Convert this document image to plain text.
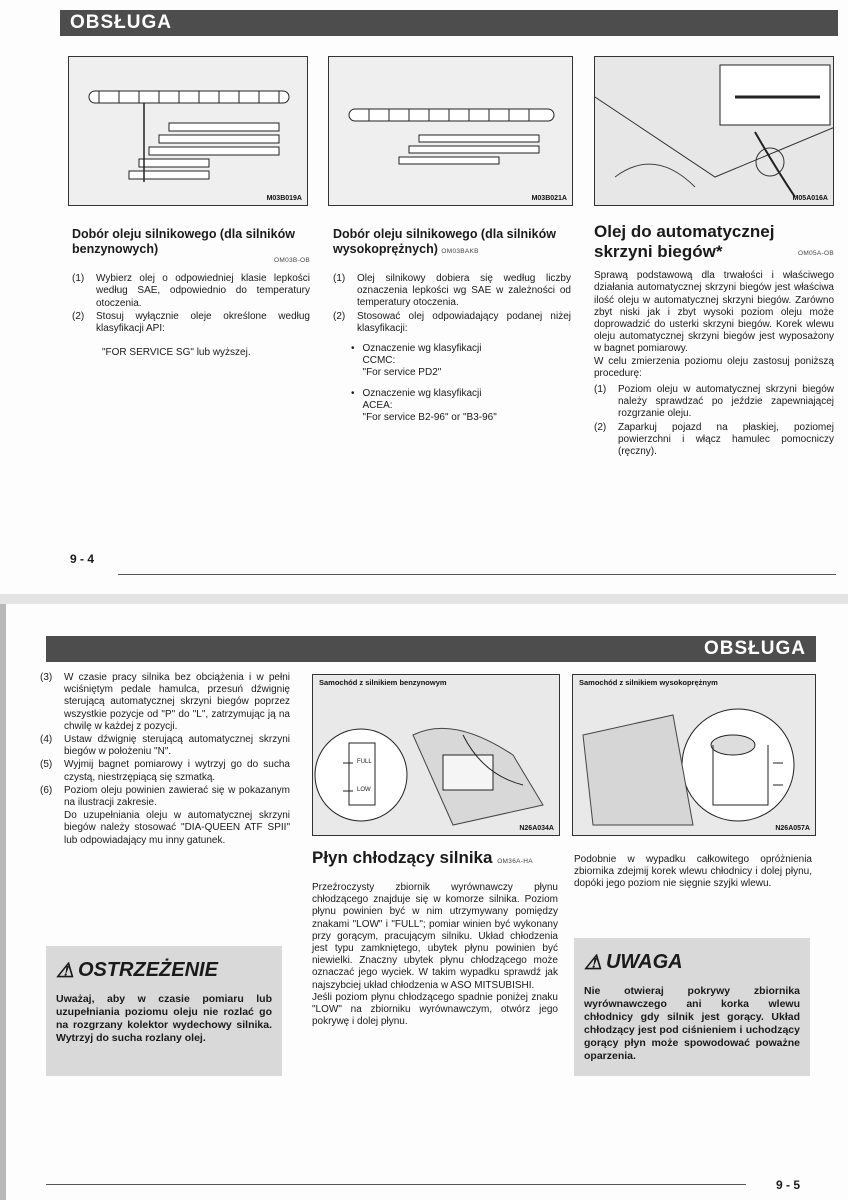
OBSŁUGA
M03B019A	M03B021A	M05A016A
Dobór oleju silnikowego (dla silników benzynowych)
OM03B-OB
(1)	Wybierz olej o odpowiedniej klasie lepkości według SAE, odpowiednio do temperatury otoczenia.
(2)	Stosuj wyłącznie oleje określone według klasyfikacji API:
"FOR SERVICE SG" lub wyższej.
Dobór oleju silnikowego (dla silników wysokoprężnych) OM03BAKB
(1)	Olej silnikowy dobiera się według liczby oznaczenia lepkości wg SAE w zależności od temperatury otoczenia.
(2)	Stosować olej odpowiadający podanej niżej klasyfikacji:
• Oznaczenie wg klasyfikacji
CCMC:
"For service PD2"
• Oznaczenie wg klasyfikacji
ACEA:
"For service B2-96" or "B3-96"
Olej do automatycznej skrzyni biegów*	OM05A-OB

Sprawą podstawową dla trwałości i właściwego działania automatycznej skrzyni biegów jest właściwa ilość oleju w automatycznej skrzyni biegów. Zarówno zbyt niski jak i zbyt wysoki poziom oleju może doprowadzić do usterki skrzyni biegów. Korek wlewu oleju automatycznej skrzyni biegów jest wyposażony w bagnet pomiarowy.

W celu zmierzenia poziomu oleju zastosuj poniższą procedurę:

(1)	Poziom oleju w automatycznej skrzyni biegów należy sprawdzać po jeździe zapewniającej rozgrzanie oleju.
(2)	Zaparkuj pojazd na płaskiej, poziomej powierzchni i włącz hamulec pomocniczy (ręczny).
9 - 4
OBSŁUGA
(3)	W czasie pracy silnika bez obciążenia i w pełni wciśniętym pedale hamulca, przesuń dźwignię sterującą automatycznej skrzyni biegów poprzez wszystkie pozycje od "P" do "L", zatrzymując ją na chwilę w każdej z pozycji.
(4)	Ustaw dźwignię sterującą automatycznej skrzyni biegów w położeniu "N".
(5)	Wyjmij bagnet pomiarowy i wytrzyj go do sucha czystą, niestrzępiącą się szmatką.
(6)	Poziom oleju powinien zawierać się w pokazanym na ilustracji zakresie.

Do uzupełniania oleju w automatycznej skrzyni biegów należy stosować "DIA-QUEEN ATF SPII" lub odpowiadający mu inny gatunek.

⚠ OSTRZEŻENIE
Uważaj, aby w czasie pomiaru lub uzupełniania poziomu oleju nie rozlać go na rozgrzany kolektor wydechowy silnika. Wytrzyj do sucha rozlany olej.
Samochód z silnikiem benzynowym
FULL
LOW
N26A034A
Samochód z silnikiem wysokoprężnym
N26A057A
Płyn chłodzący silnika OM36A-HA

Przeźroczysty zbiornik wyrównawczy płynu chłodzącego znajduje się w komorze silnika. Poziom płynu powinien być w nim utrzymywany pomiędzy znakami "LOW" i "FULL"; pomiar winien być wykonany przy gorącym, pracującym silniku. Układ chłodzenia jest typu zamkniętego, ubytek płynu powinien być niewielki. Znaczny ubytek płynu chłodzącego może oznaczać jego wyciek. W takim wypadku sprawdź jak najszybciej układ chłodzenia w ASO MITSUBISHI.

Jeśli poziom płynu chłodzącego spadnie poniżej znaku "LOW" na zbiorniku wyrównawczym, otwórz jego pokrywę i dolej płynu.

Podobnie w wypadku całkowitego opróżnienia zbiornika zdejmij korek wlewu chłodnicy i dolej płynu, dopóki jego poziom nie sięgnie szyjki wlewu.

⚠ UWAGA
Nie otwieraj pokrywy zbiornika wyrównawczego ani korka wlewu chłodnicy gdy silnik jest gorący. Układ chłodzący jest pod ciśnieniem i uchodzący gorący płyn może spowodować poważne oparzenia.
9 - 5
